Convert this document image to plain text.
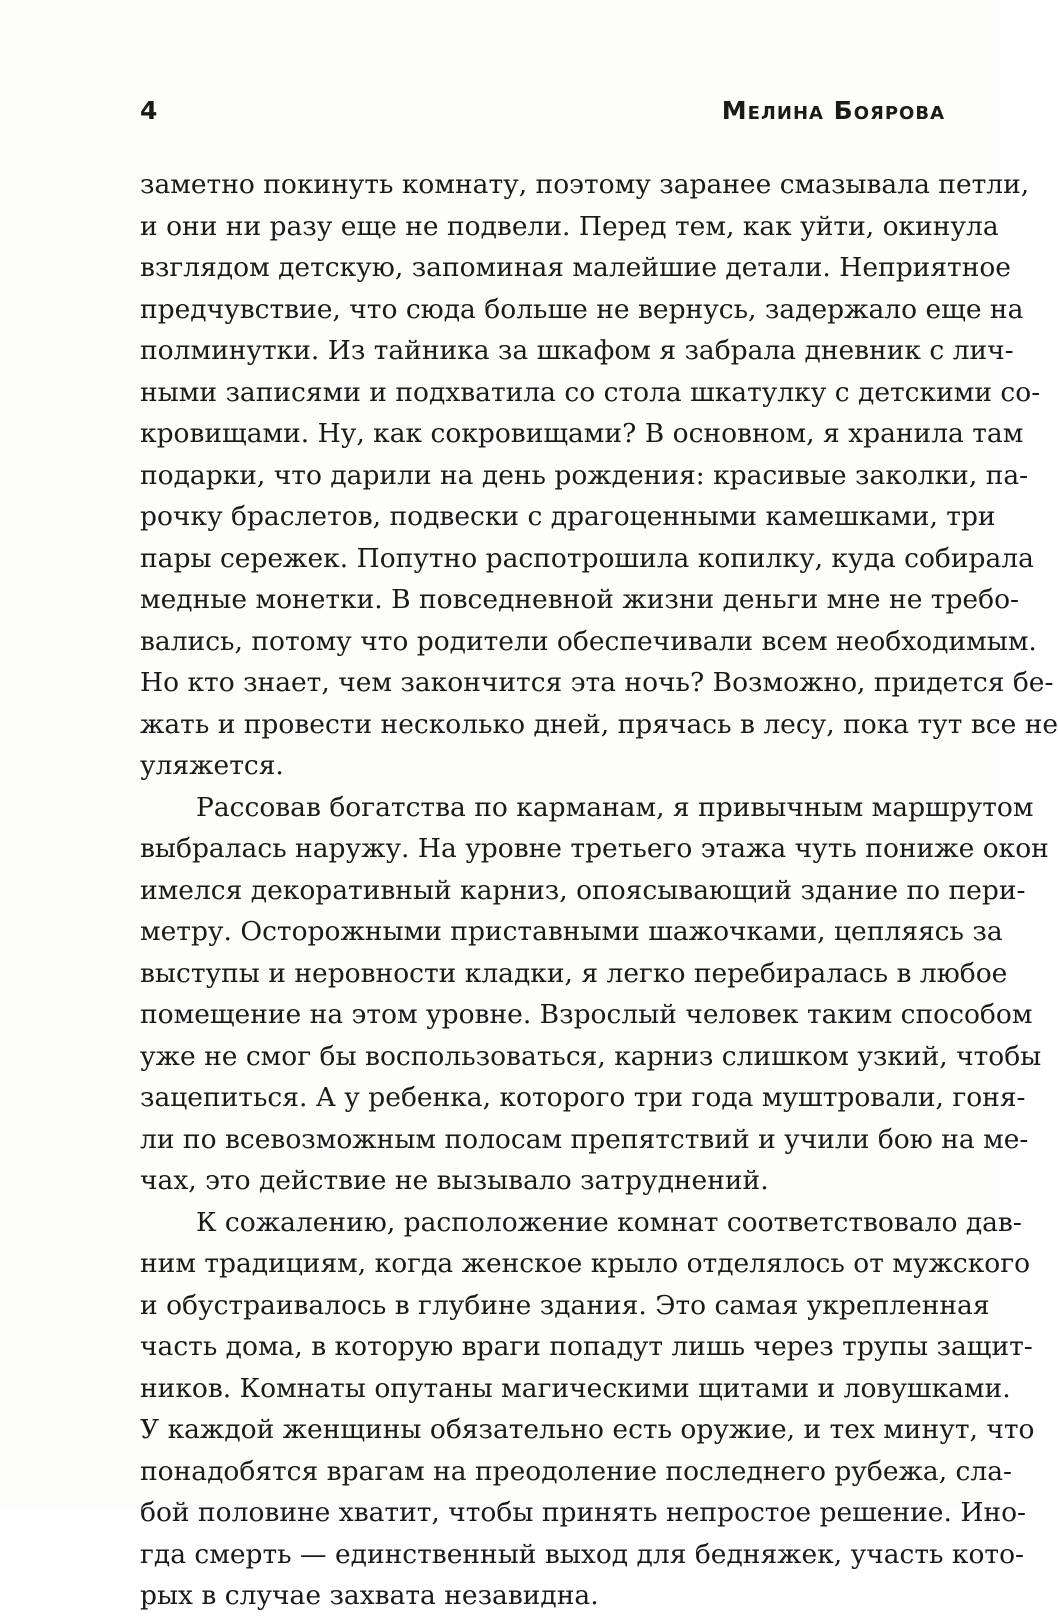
4	Мелина Боярова
заметно покинуть комнату, поэтому заранее смазывала петли,
и они ни разу еще не подвели. Перед тем, как уйти, окинула
взглядом детскую, запоминая малейшие детали. Неприятное
предчувствие, что сюда больше не вернусь, задержало еще на
полминутки. Из тайника за шкафом я забрала дневник с лич-
ными записями и подхватила со стола шкатулку с детскими со-
кровищами. Ну, как сокровищами? В основном, я хранила там
подарки, что дарили на день рождения: красивые заколки, па-
рочку браслетов, подвески с драгоценными камешками, три
пары сережек. Попутно распотрошила копилку, куда собирала
медные монетки. В повседневной жизни деньги мне не требо-
вались, потому что родители обеспечивали всем необходимым.
Но кто знает, чем закончится эта ночь? Возможно, придется бе-
жать и провести несколько дней, прячась в лесу, пока тут все не
уляжется.
Рассовав богатства по карманам, я привычным маршрутом
выбралась наружу. На уровне третьего этажа чуть пониже окон
имелся декоративный карниз, опоясывающий здание по пери-
метру. Осторожными приставными шажочками, цепляясь за
выступы и неровности кладки, я легко перебиралась в любое
помещение на этом уровне. Взрослый человек таким способом
уже не смог бы воспользоваться, карниз слишком узкий, чтобы
зацепиться. А у ребенка, которого три года муштровали, гоня-
ли по всевозможным полосам препятствий и учили бою на ме-
чах, это действие не вызывало затруднений.
К сожалению, расположение комнат соответствовало дав-
ним традициям, когда женское крыло отделялось от мужского
и обустраивалось в глубине здания. Это самая укрепленная
часть дома, в которую враги попадут лишь через трупы защит-
ников. Комнаты опутаны магическими щитами и ловушками.
У каждой женщины обязательно есть оружие, и тех минут, что
понадобятся врагам на преодоление последнего рубежа, сла-
бой половине хватит, чтобы принять непростое решение. Ино-
гда смерть — единственный выход для бедняжек, участь кото-
рых в случае захвата незавидна.
